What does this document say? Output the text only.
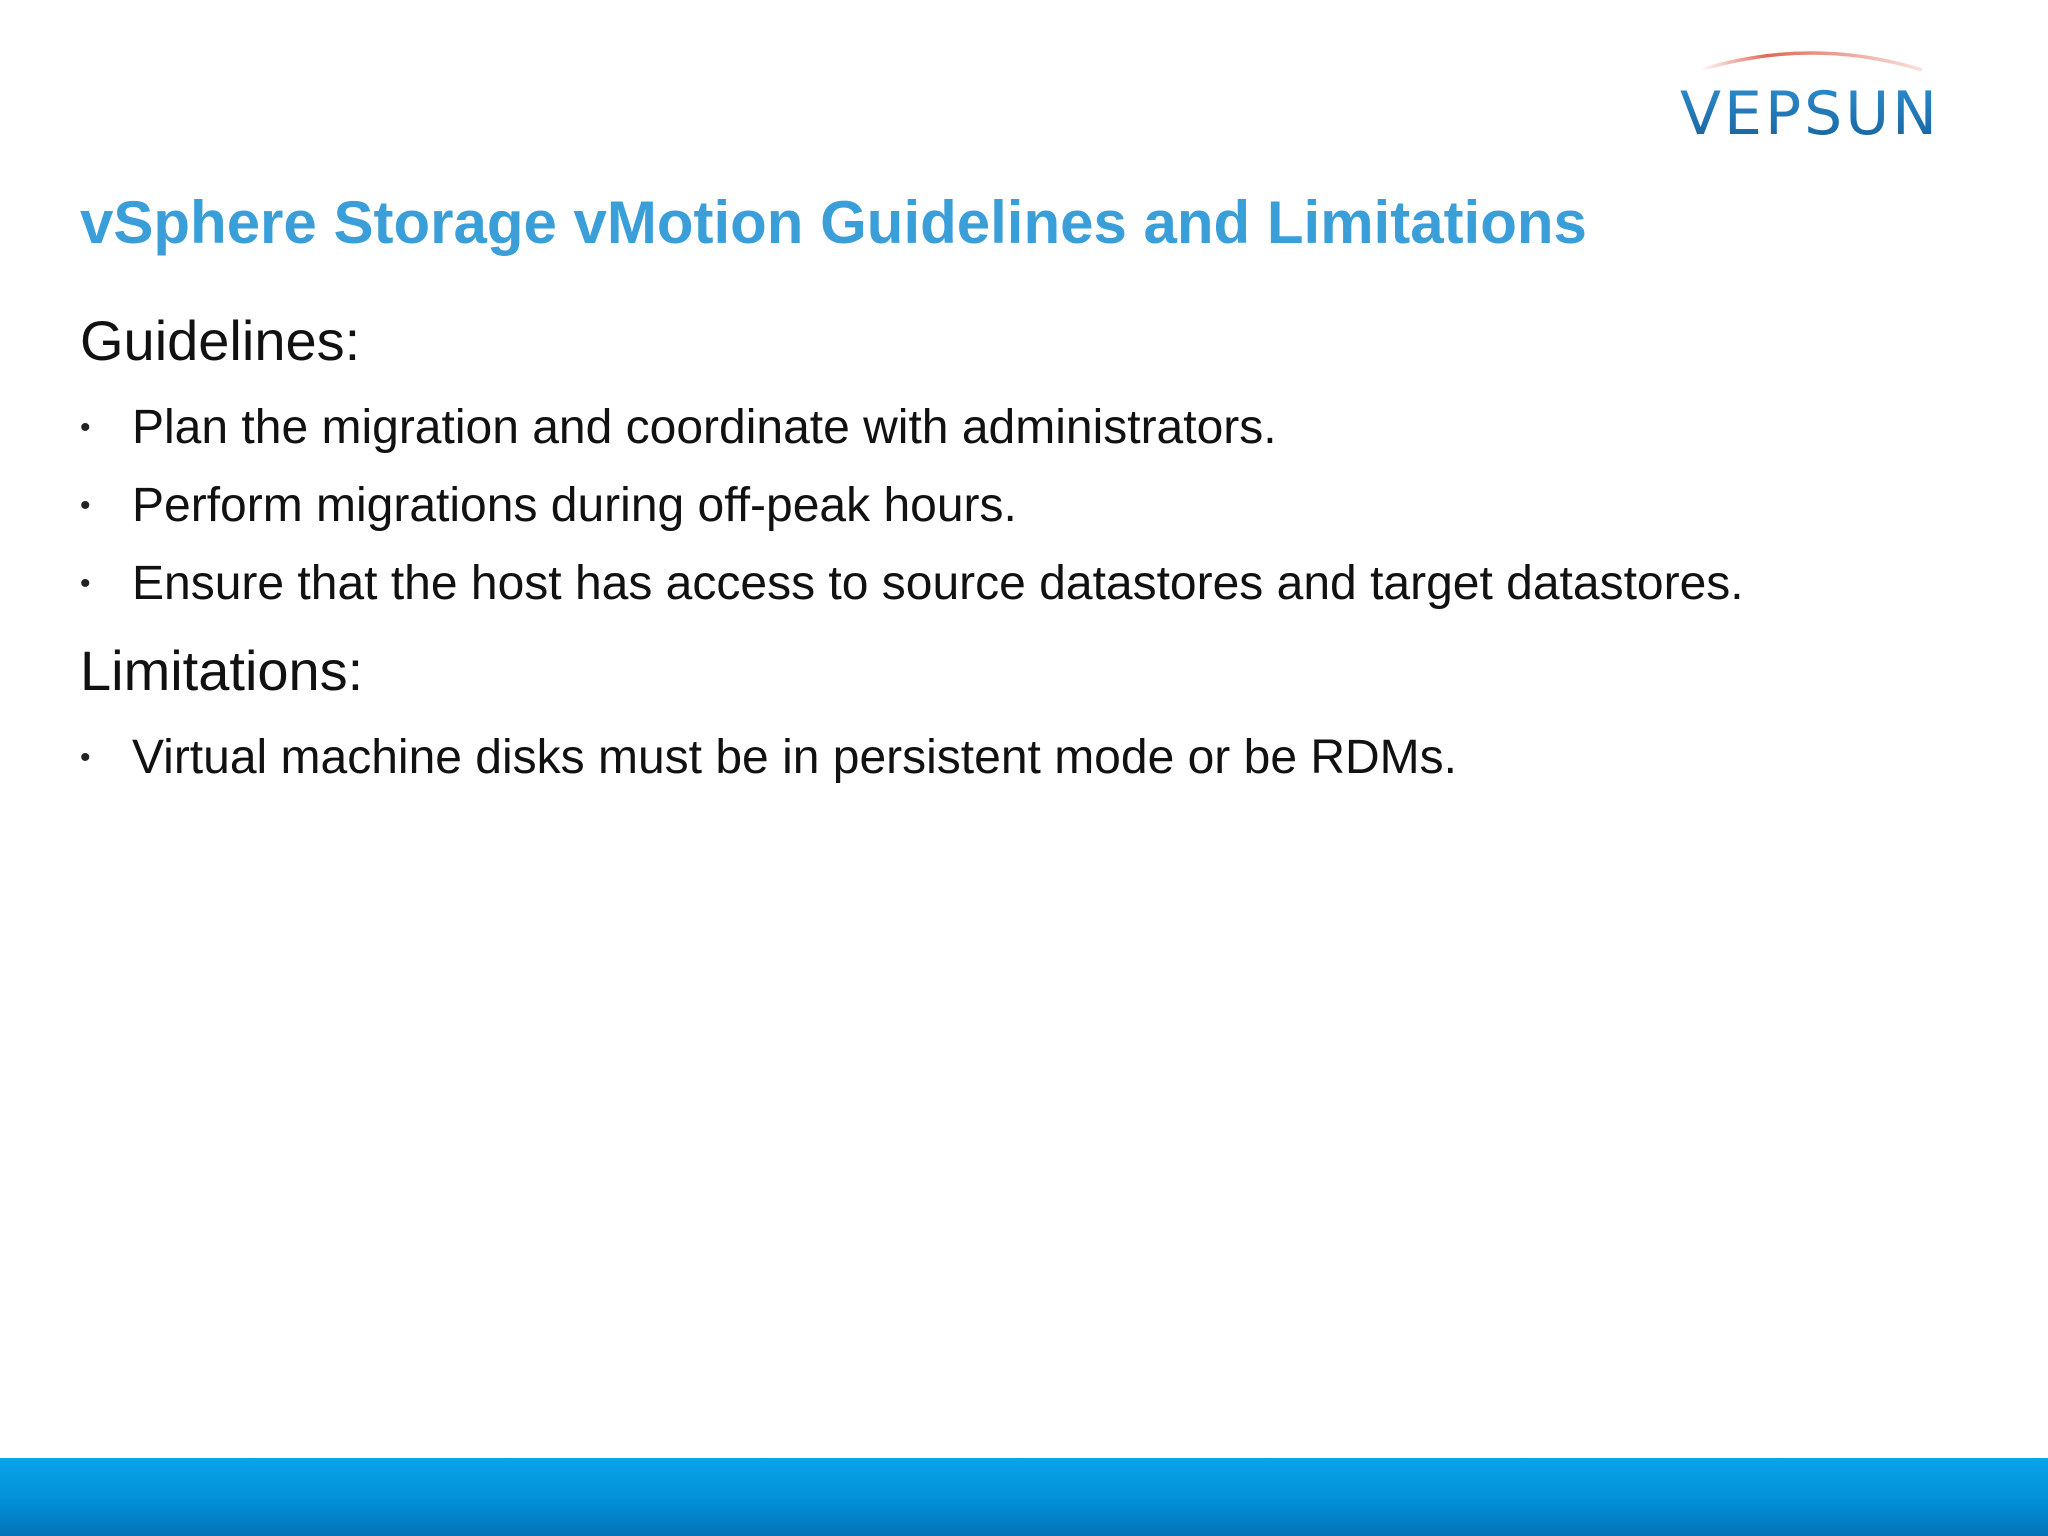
VEPSUN
vSphere Storage vMotion Guidelines and Limitations
Guidelines:
• Plan the migration and coordinate with administrators.
• Perform migrations during off-peak hours.
• Ensure that the host has access to source datastores and target datastores.
Limitations:
• Virtual machine disks must be in persistent mode or be RDMs.
